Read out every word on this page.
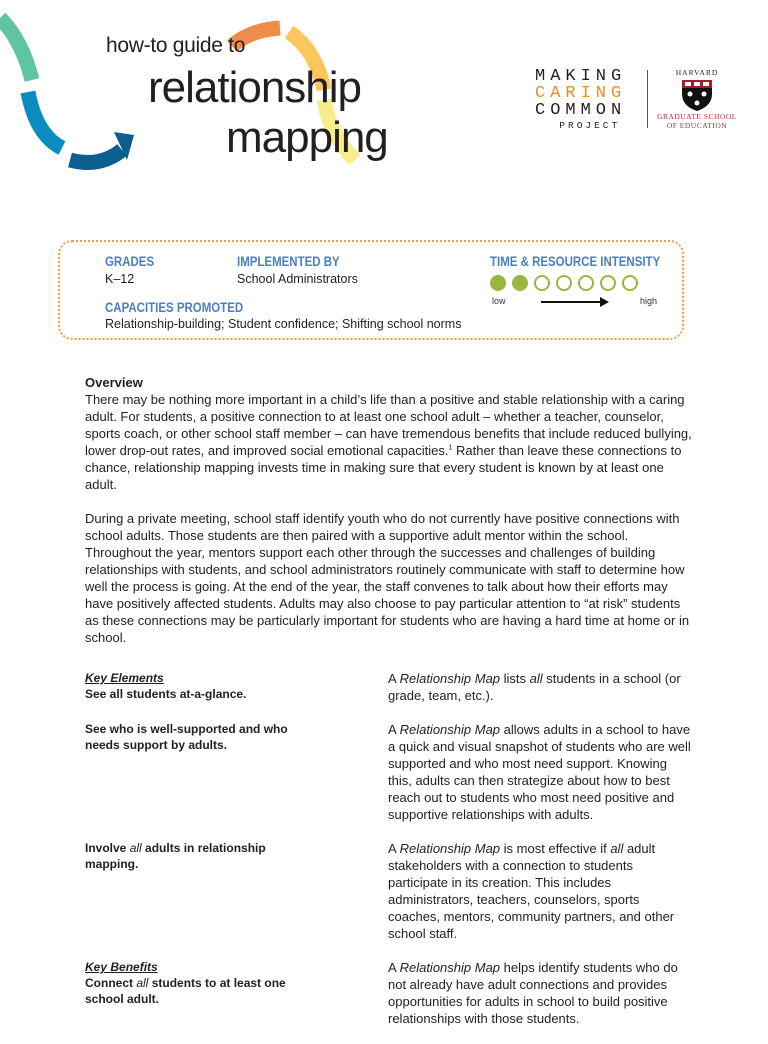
how-to guide to
relationship
mapping
MAKING
CARING
COMMON
PROJECT
HARVARD
GRADUATE SCHOOL
OF EDUCATION
GRADES
K–12
IMPLEMENTED BY
School Administrators
CAPACITIES PROMOTED
Relationship-building; Student confidence; Shifting school norms
TIME & RESOURCE INTENSITY
low	high
Overview
There may be nothing more important in a child’s life than a positive and stable relationship with a caring adult. For students, a positive connection to at least one school adult – whether a teacher, counselor, sports coach, or other school staff member – can have tremendous benefits that include reduced bullying, lower drop-out rates, and improved social emotional capacities.$^1$ Rather than leave these connections to chance, relationship mapping invests time in making sure that every student is known by at least one adult.
During a private meeting, school staff identify youth who do not currently have positive connections with school adults. Those students are then paired with a supportive adult mentor within the school. Throughout the year, mentors support each other through the successes and challenges of building relationships with students, and school administrators routinely communicate with staff to determine how well the process is going. At the end of the year, the staff convenes to talk about how their efforts may have positively affected students. Adults may also choose to pay particular attention to “at risk” students as these connections may be particularly important for students who are having a hard time at home or in school.
Key Elements
See all students at-a-glance.
A Relationship Map lists all students in a school (or grade, team, etc.).
See who is well-supported and who needs support by adults.
A Relationship Map allows adults in a school to have a quick and visual snapshot of students who are well supported and who most need support. Knowing this, adults can then strategize about how to best reach out to students who most need positive and supportive relationships with adults.
Involve all adults in relationship mapping.
A Relationship Map is most effective if all adult stakeholders with a connection to students participate in its creation. This includes administrators, teachers, counselors, sports coaches, mentors, community partners, and other school staff.
Key Benefits
Connect all students to at least one school adult.
A Relationship Map helps identify students who do not already have adult connections and provides opportunities for adults in school to build positive relationships with those students.
